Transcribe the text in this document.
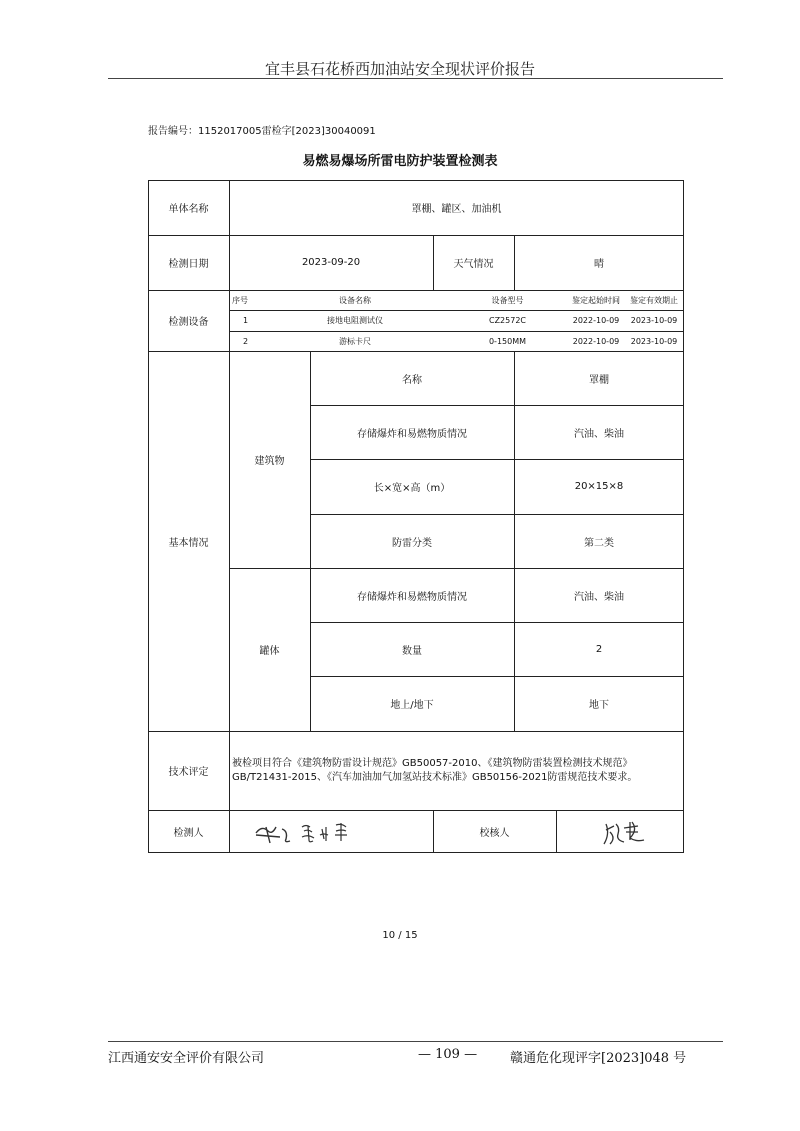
宜丰县石花桥西加油站安全现状评价报告
报告编号：1152017005雷检字[2023]30040091
易燃易爆场所雷电防护装置检测表
单体名称	罩棚、罐区、加油机
检测日期	2023-09-20	天气情况	晴
检测设备
序号	设备名称	设备型号	鉴定起始时间	鉴定有效期止
1	接地电阻测试仪	CZ2572C	2022-10-09	2023-10-09
2	游标卡尺	0-150MM	2022-10-09	2023-10-09
基本情况
建筑物
名称	罩棚
存储爆炸和易燃物质情况	汽油、柴油
长×宽×高（m）	20×15×8
防雷分类	第二类
罐体
存储爆炸和易燃物质情况	汽油、柴油
数量	2
地上/地下	地下
技术评定
被检项目符合《建筑物防雷设计规范》GB50057-2010、《建筑物防雷装置检测技术规范》GB/T21431-2015、《汽车加油加气加氢站技术标准》GB50156-2021防雷规范技术要求。
检测人	校核人
10 / 15
江西通安安全评价有限公司	— 109 —	赣通危化现评字[2023]048 号
